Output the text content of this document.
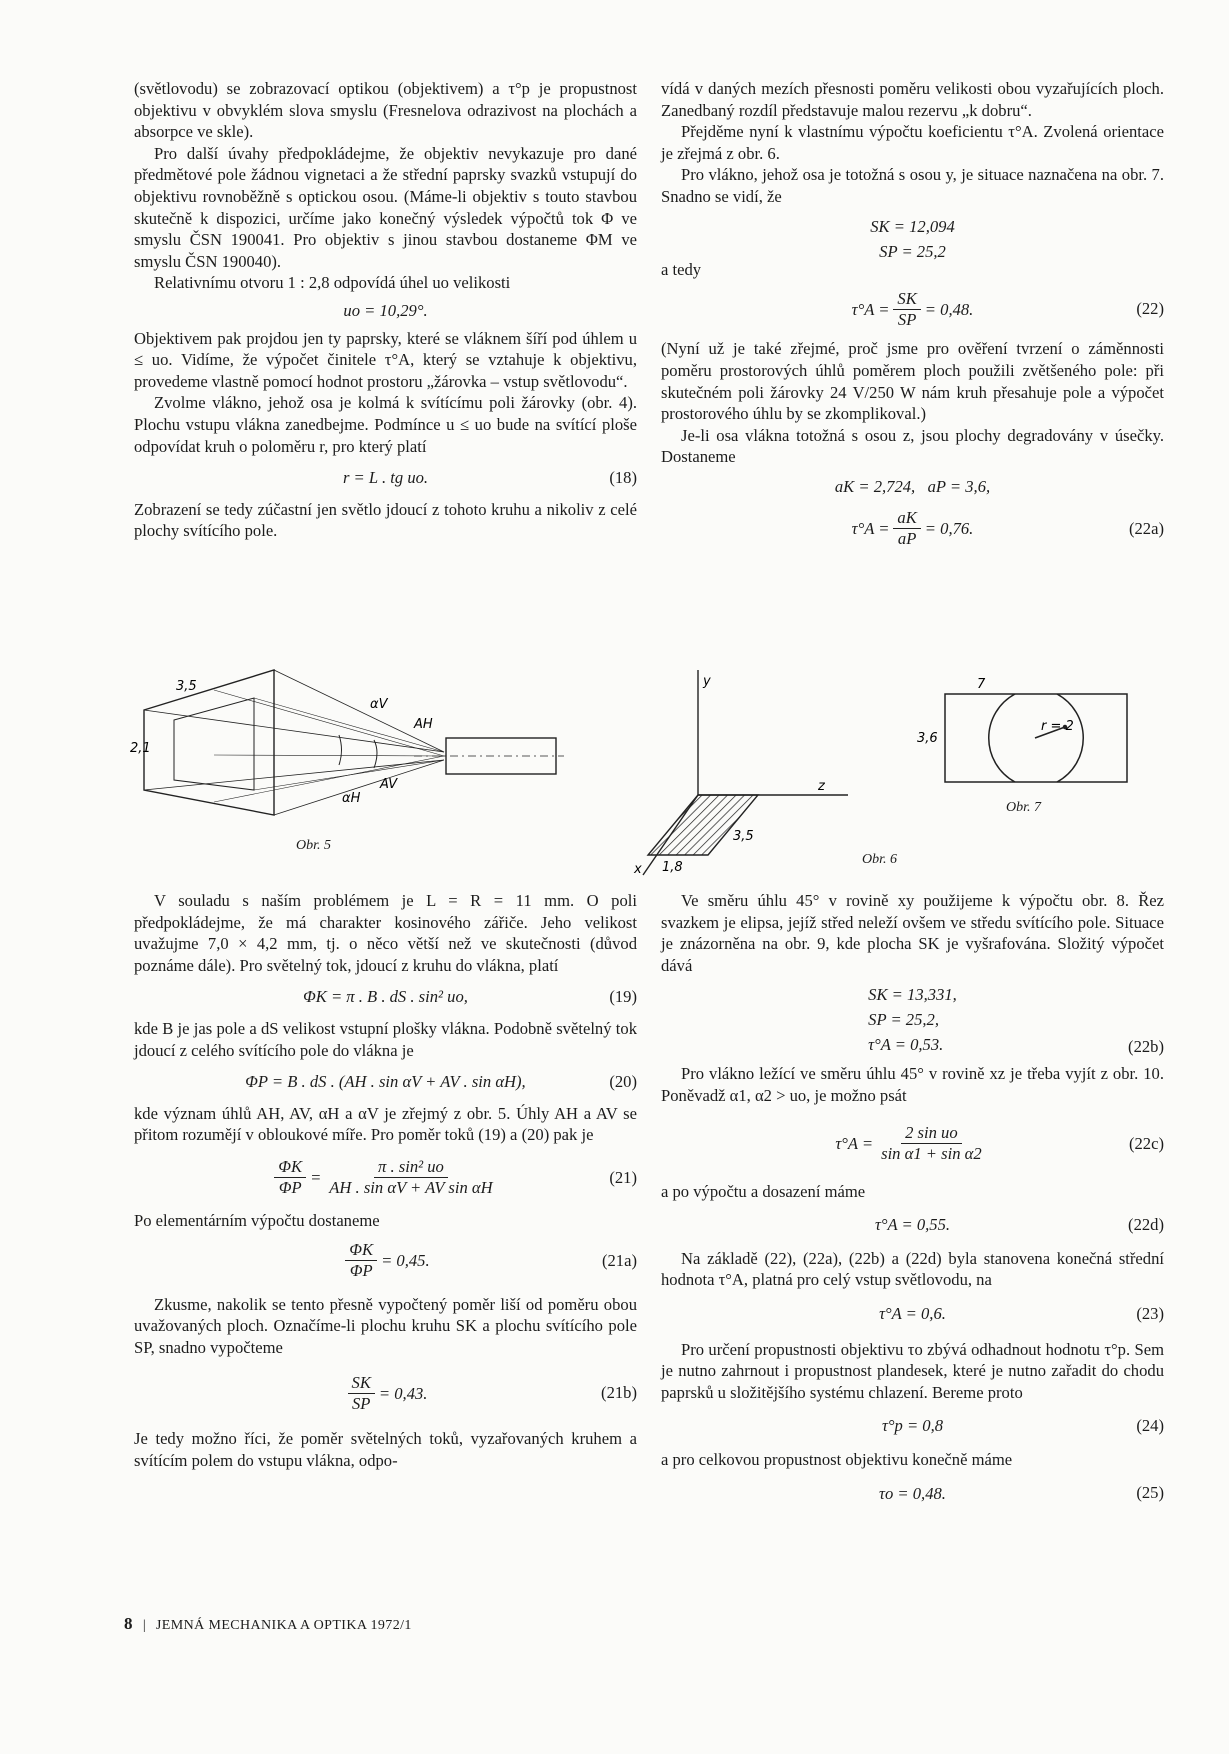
(světlovodu) se zobrazovací optikou (objektivem) a τ°p je propustnost objektivu v obvyklém slova smyslu (Fresnelova odrazivost na plochách a absorpce ve skle).

Pro další úvahy předpokládejme, že objektiv nevykazuje pro dané předmětové pole žádnou vignetaci a že střední paprsky svazků vstupují do objektivu rovnoběžně s optickou osou. (Máme-li objektiv s touto stavbou skutečně k dispozici, určíme jako konečný výsledek výpočtů tok Φ ve smyslu ČSN 190041. Pro objektiv s jinou stavbou dostaneme ΦM ve smyslu ČSN 190040).

Relativnímu otvoru 1 : 2,8 odpovídá úhel uo velikosti

uo = 10,29°.

Objektivem pak projdou jen ty paprsky, které se vláknem šíří pod úhlem u ≤ uo. Vidíme, že výpočet činitele τ°A, který se vztahuje k objektivu, provedeme vlastně pomocí hodnot prostoru „žárovka – vstup světlovodu“.

Zvolme vlákno, jehož osa je kolmá k svítícímu poli žárovky (obr. 4). Plochu vstupu vlákna zanedbejme. Podmínce u ≤ uo bude na svítící ploše odpovídat kruh o poloměru r, pro který platí

r = L . tg uo.	(18)

Zobrazení se tedy zúčastní jen světlo jdoucí z tohoto kruhu a nikoliv z celé plochy svítícího pole.

vídá v daných mezích přesnosti poměru velikosti obou vyzařujících ploch. Zanedbaný rozdíl představuje malou rezervu „k dobru“.

Přejděme nyní k vlastnímu výpočtu koeficientu τ°A. Zvolená orientace je zřejmá z obr. 6.

Pro vlákno, jehož osa je totožná s osou y, je situace naznačena na obr. 7. Snadno se vidí, že

SK = 12,094
SP = 25,2

a tedy

$\tau^\circ A = \frac{SK}{SP} = 0,48$.	(22)

(Nyní už je také zřejmé, proč jsme pro ověření tvrzení o záměnnosti poměru prostorových úhlů poměrem ploch použili zvětšeného pole: při skutečném poli žárovky 24 V/250 W nám kruh přesahuje pole a výpočet prostorového úhlu by se zkomplikoval.)

Je-li osa vlákna totožná s osou z, jsou plochy degradovány v úsečky. Dostaneme

aK = 2,724,   aP = 3,6,
$\tau^\circ A = \frac{aK}{aP} = 0,76$.	(22a)
3,5
2,1
αV
AH
AV
αH
Obr. 5
y
z
x
3,5
1,8
Obr. 6
7
3,6
r = 2
Obr. 7

V souladu s naším problémem je L = R = 11 mm. O poli předpokládejme, že má charakter kosinového zářiče. Jeho velikost uvažujme 7,0 × 4,2 mm, tj. o něco větší než ve skutečnosti (důvod poznáme dále). Pro světelný tok, jdoucí z kruhu do vlákna, platí

ΦK = π . B . dS . sin² uo,	(19)

kde B je jas pole a dS velikost vstupní plošky vlákna. Podobně světelný tok jdoucí z celého svítícího pole do vlákna je

ΦP = B . dS . (AH . sin αV + AV . sin αH),	(20)

kde význam úhlů AH, AV, αH a αV je zřejmý z obr. 5. Úhly AH a AV se přitom rozumějí v obloukové míře. Pro poměr toků (19) a (20) pak je

$\frac{\Phi K}{\Phi P} = \frac{\text{π . sin² uo}}{\text{AH . sin αV + AV sin αH}}$	(21)

Po elementárním výpočtu dostaneme

$\frac{\Phi K}{\Phi P} = 0,45$.	(21a)

Zkusme, nakolik se tento přesně vypočtený poměr liší od poměru obou uvažovaných ploch. Označíme-li plochu kruhu SK a plochu svítícího pole SP, snadno vypočteme

$\frac{SK}{SP} = 0,43$.	(21b)

Je tedy možno říci, že poměr světelných toků, vyzařovaných kruhem a svítícím polem do vstupu vlákna, odpo-

Ve směru úhlu 45° v rovině xy použijeme k výpočtu obr. 8. Řez svazkem je elipsa, jejíž střed neleží ovšem ve středu svítícího pole. Situace je znázorněna na obr. 9, kde plocha SK je vyšrafována. Složitý výpočet dává

SK = 13,331,
SP = 25,2,
τ°A = 0,53.	(22b)

Pro vlákno ležící ve směru úhlu 45° v rovině xz je třeba vyjít z obr. 10. Poněvadž α1, α2 > uo, je možno psát

$\tau^\circ A = \frac{\text{2 sin uo}}{\text{sin α1 + sin α2}}$	(22c)

a po výpočtu a dosazení máme

τ°A = 0,55.	(22d)

Na základě (22), (22a), (22b) a (22d) byla stanovena konečná střední hodnota τ°A, platná pro celý vstup světlovodu, na

τ°A = 0,6.	(23)

Pro určení propustnosti objektivu τo zbývá odhadnout hodnotu τ°p. Sem je nutno zahrnout i propustnost plandesek, které je nutno zařadit do chodu paprsků u složitějšího systému chlazení. Bereme proto

τ°p = 0,8	(24)

a pro celkovou propustnost objektivu konečně máme

τo = 0,48.	(25)
8 | JEMNÁ MECHANIKA A OPTIKA 1972/1
